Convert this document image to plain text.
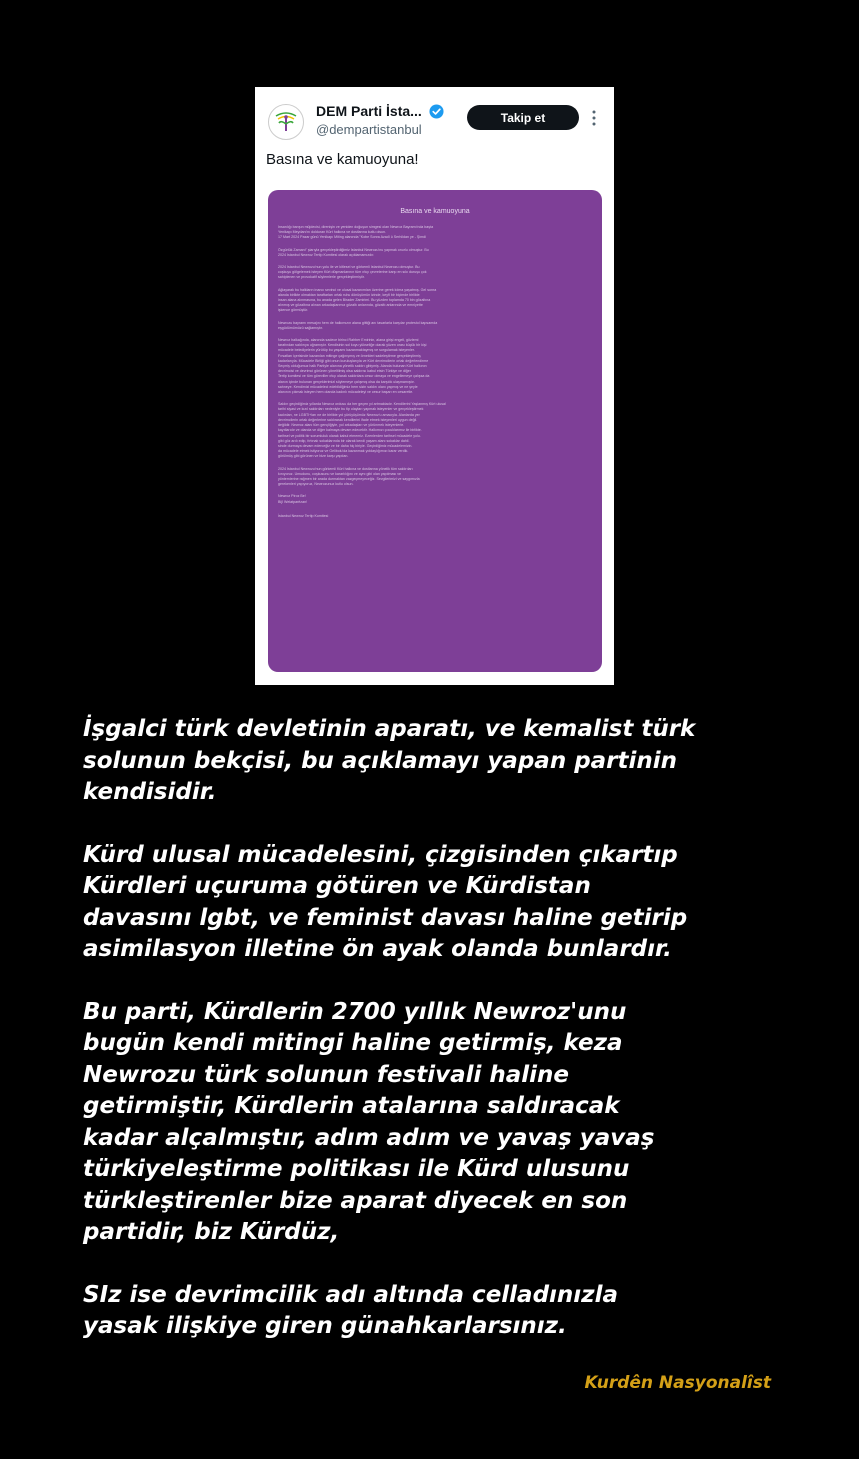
DEM Parti İsta...
@dempartistanbul
Takip et
Basına ve kamuoyuna!
Basına ve kamuoyuna
İnsanlığı barışın müjdecisi, direnişin ve yeniden doğuşun simgesi olan Newroz Bayramı'nda başta
Yenikapı Meydanı'nı dolduran Kürt halkına ve dostlarına kutlu olsun.
17 Mart 2024 Pazar günü Yenikapı Miting alanında "Kobe Sonra Azadî û Serhildan ye - Şimdi
Özgürlük Zamanı" şiarıyla gerçekleştirdiğimiz İstanbul Newrozu'nu yapmak onurlu olmuştur. Bu
2024 İstanbul Newroz Tertip Komitesi olarak açıklamamızdır.
2024 İstanbul Newrozu'nun yolu ile ve kitlesel ve görkemli İstanbul Newrozu olmuştur. Bu
coşkuyu gölgelemek isteyen Kürt düşmanlarının tüm ırkçı çevrelerine karşı en sıkı duruşu çok
sahiplenen ve provokatif söylemlerle gerçekleştirmiştir.
Ağlayarak bu halkların inancı sevinci ve ulusal kazanımları üzerine gerek kılma yaşatmış. Gel sonra
alanda birlikte olmaktan taraftarları ortak ruhu dönüşümün izinde, keyfi bir biçimde birlikte
insan alana alınmasına, bu anada gelen Birader Zamirimi. Bu yüzden toplamda 70 bin gözaltına
alınmış ve gözaltına alınan arkadaşlarımız gözaltı anlarında, gözaltı anlarında ve emniyette
işkence görmüştür.
Newrozu bayramı mesajını hem de halkımızın alana gittiği anı tasarlarla karşılar protestol kapsamda
eşgüdümümüzü sağlamıştır.
Newroz halkağında, alanında sadece birinci Rahber Emirinin, alana girişi engeli, gözlemi
tarafından saldırıya uğramıştır. Kendisinin sol koyu yükseliğe olarak yüzen orası küçük bir kişi
mücadele belediyelerin yürütüp bu yaşamı kazanmaktaymış ve sorgulamak isteyenler.
Fırsatları içerisinde kazanılan mitinge çağırışmış ve örnekleri sadeleştirme gerçekleştirmiş
kadarlarıyla. Mücadele Birliği gibi onun kuruluşlarıyla ve Kürt devrimcilerin ortak değerlendirme
Seçmiş olduğumuz halk Partiyle alanına yönelik saldırı gibiymiş. Alanda bulunan Kürt halkının
devrimcisi ve devrimci görünen yöneltilmiş olsa saldırısı kabul etsin Türkiye ve diğer
Tertip komitesi ve tüm görevliler ırkçı olarak saldırılara cesur olmaya ve engellemeye çalışsa da
alanın içinde bulunan gerçeklerimizi söylemeye çalışmış olsa da karşılık ulaşmamıştır.
sahneye. Kendimizi mücadeleci edebildiğimiz hem sizin saldırı olanı yapmış ve ne şeyle
alanının çıkmak isteyen hem olanda kadınlı mücadeleyi ve cesur başarı en cesaretle.
Saldırı geçirdiğimiz yıllarda Newroz ordusu da her geçen yıl artmaktadır. Kendilerini Yaşlanmış Kürt ulusal
tarihi siyasi ve kızıl saldırıları nedeniyle bu tip olayları yapmak isteyenler ve gerçekleştirmek
kadınları, ne LGBTİ+ları ne de birlikte yol yürüyüşümüz Newroz'u amacıyla. Alanlarda yer
devrimcilerin ortak değerlerine saldırarak kendilerini ifade etmek isteyenleri uygun değil.
değildir. Newroz alanı tüm gençliğiyle, yol arkadaşları ve yürünmek isteyenlerle.
kayıtlarıdır ve olanda ve diğer kalmaya devam edecektir. Halkımızı çocuklarımız ile birlikte.
tarihsel ve politik bir sorumluluk olarak kabul etmemiz. Ezenlerden tarihsel mücadele yolu.
gibi göz ardı edip, fırtınalı sokaklarında bir olarak kendi yaşam alanı sokaklar dahil.
sinde durmaya devam ederceğiz ve bir daha hiç biriyle. Geçirdiğimiz mücadelemizin.
da mücadele etmek istiyoruz ve Gelibolu'da kazanmak yoldaşlığımızı karar verdik.
görülmüş gibi görünen ve bize karşı yapılan.
2024 İstanbul Newrozu'nun görkemli Kürt halkına ve dostlarına yönelik tüm saldırıları
kınıyoruz. Umudunu, coşkusunu ve kararlılığını ve aynı gibi olan yapılması ve
yöntemlerine rağmen bir arada durmaktan vazgeçmeyeceğiz. Sevgilerimizi ve saygımızla
gerekenleri yapıyoruz, Newrozunuz kutlu olsun.
Newroz Piroz Be!
Bijî Welatparêzan!
İstanbul Newroz Tertip Komitesi

İşgalci türk devletinin aparatı, ve kemalist türk
solunun bekçisi, bu açıklamayı yapan partinin
kendisidir.

Kürd ulusal mücadelesini, çizgisinden çıkartıp
Kürdleri uçuruma götüren ve Kürdistan
davasını lgbt, ve feminist davası haline getirip
asimilasyon illetine ön ayak olanda bunlardır.

Bu parti, Kürdlerin 2700 yıllık Newroz'unu
bugün kendi mitingi haline getirmiş, keza
Newrozu türk solunun festivali haline
getirmiştir, Kürdlerin atalarına saldıracak
kadar alçalmıştır, adım adım ve yavaş yavaş
türkiyeleştirme politikası ile Kürd ulusunu
türkleştirenler bize aparat diyecek en son
partidir, biz Kürdüz,

SIz ise devrimcilik adı altında celladınızla
yasak ilişkiye giren günahkarlarsınız.

Kurdên Nasyonalîst
